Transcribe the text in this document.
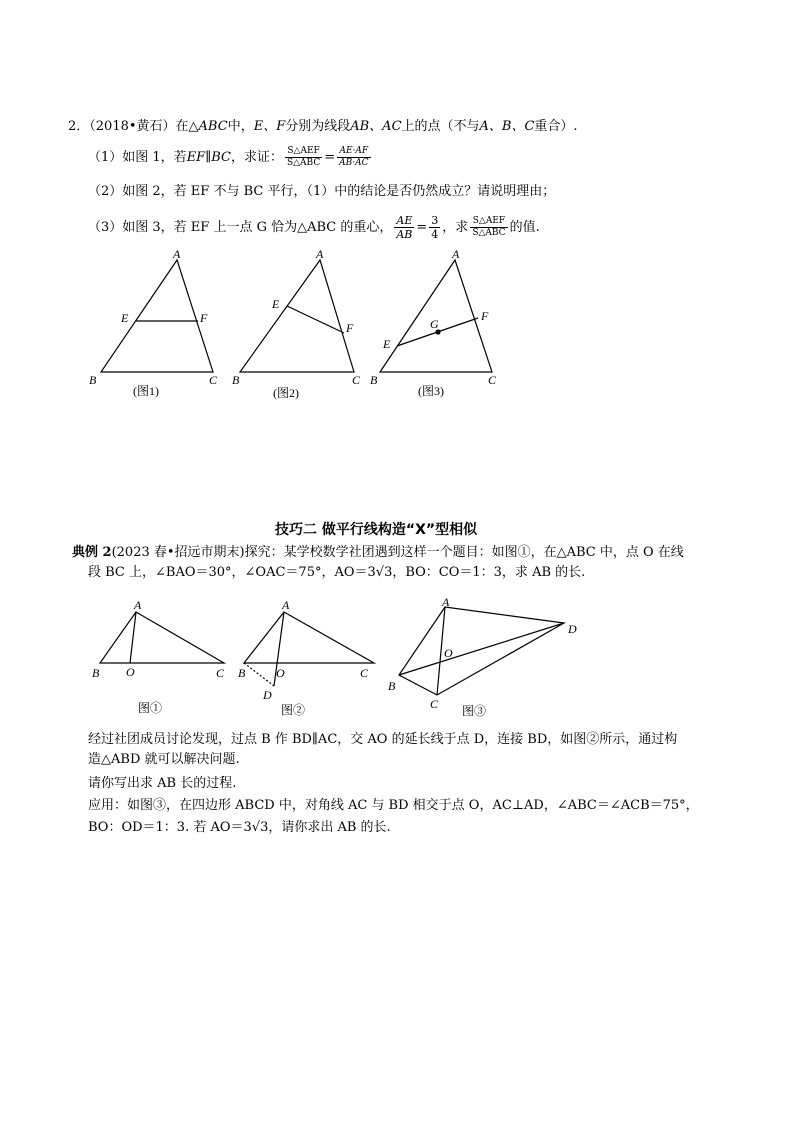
2．（2018•黄石）在△ABC中，E、F分别为线段AB、AC上的点（不与A、B、C重合）.
（1）如图 1，若EF∥BC，求证： $\frac{\text{S△AEF}}{\text{S△ABC}} = \frac{AE\cdot AF}{AB\cdot AC}$
（2）如图 2，若 EF 不与 BC 平行，（1）中的结论是否仍然成立？请说明理由；
（3）如图 3，若 EF 上一点 G 恰为△ABC 的重心， $\frac{AE}{AB} = \frac{3}{4}$ ，求 $\frac{\text{S△AEF}}{\text{S△ABC}}$ 的值.
A
E	F
B	C
(图1)
A
E
F
B	C
(图2)
A
G
E
F
B	C
(图3)
技巧二 做平行线构造“X”型相似
典例 2(2023 春•招远市期末)探究：某学校数学社团遇到这样一个题目：如图①，在△ABC 中，点 O 在线
段 BC 上，∠BAO＝30°，∠OAC＝75°，AO＝3√3，BO：CO＝1：3，求 AB 的长.
A
B O	C
图①
A
B	O	C
D
图②
A
D
O
B
C 图③
经过社团成员讨论发现，过点 B 作 BD∥AC，交 AO 的延长线于点 D，连接 BD，如图②所示，通过构
造△ABD 就可以解决问题.
请你写出求 AB 长的过程.
应用：如图③，在四边形 ABCD 中，对角线 AC 与 BD 相交于点 O，AC⊥AD，∠ABC＝∠ACB＝75°，
BO：OD＝1：3. 若 AO＝3√3，请你求出 AB 的长.
